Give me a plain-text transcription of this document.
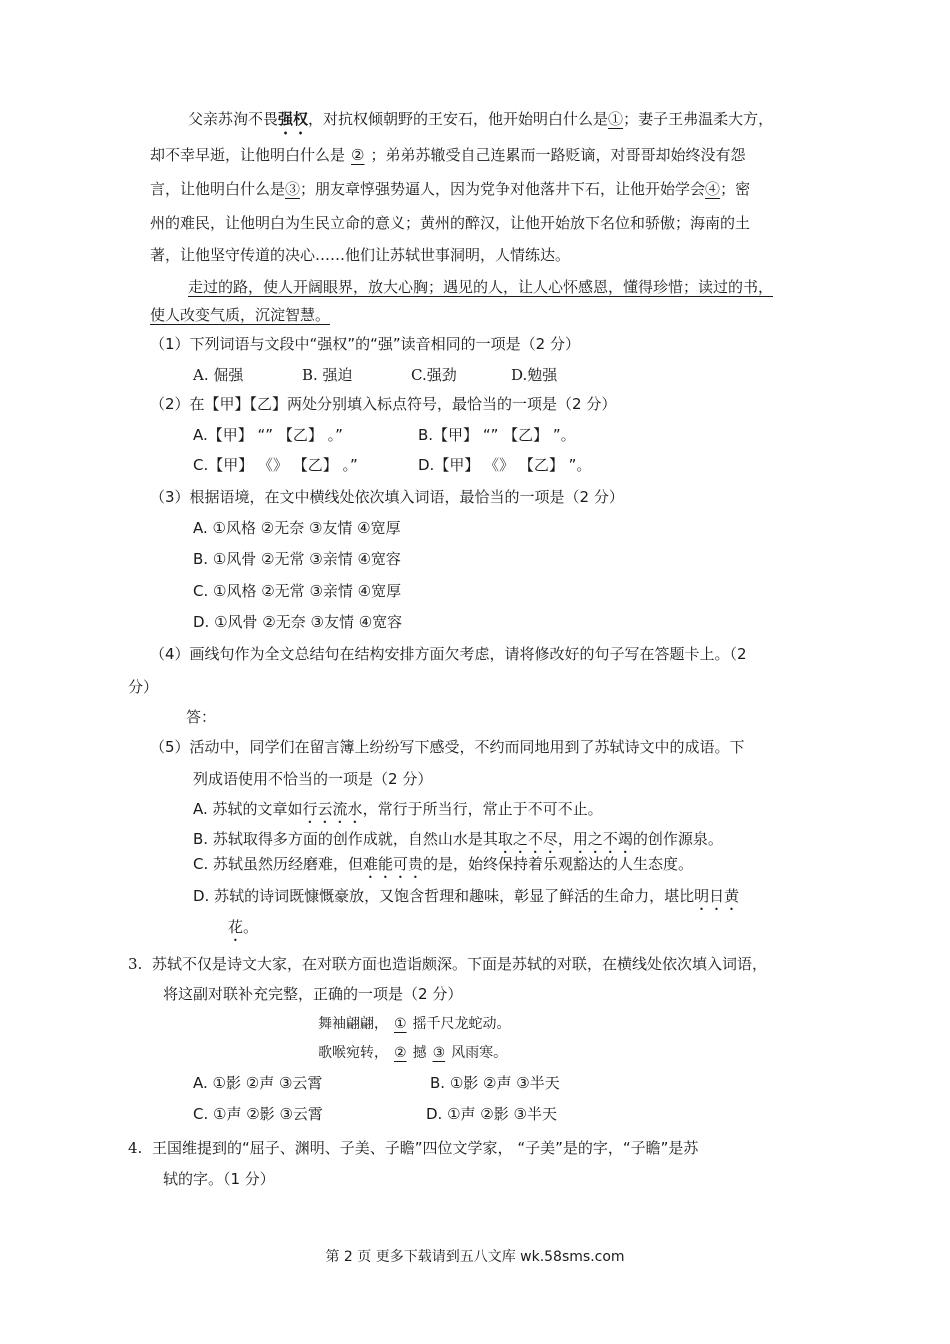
父亲苏洵不畏强权，对抗权倾朝野的王安石，他开始明白什么是①；妻子王弗温柔大方，
却不幸早逝，让他明白什么是 ② ；弟弟苏辙受自己连累而一路贬谪，对哥哥却始终没有怨
言，让他明白什么是③；朋友章惇强势逼人，因为党争对他落井下石，让他开始学会④；密
州的难民，让他明白为生民立命的意义；黄州的醉汉，让他开始放下名位和骄傲；海南的土
著，让他坚守传道的决心……他们让苏轼世事洞明，人情练达。
走过的路，使人开阔眼界，放大心胸；遇见的人，让人心怀感恩，懂得珍惜；读过的书，
使人改变气质，沉淀智慧。
（1）下列词语与文段中“强权”的“强”读音相同的一项是（2 分）
A. 倔强	B. 强迫	C.强劲	D.勉强
（2）在【甲】【乙】两处分别填入标点符号，最恰当的一项是（2 分）
A.【甲】 “” 【乙】 。”	B.【甲】 “” 【乙】 ”。
C.【甲】 《》 【乙】 。”	D.【甲】 《》 【乙】 ”。
（3）根据语境，在文中横线处依次填入词语，最恰当的一项是（2 分）
A. ①风格 ②无奈 ③友情 ④宽厚
B. ①风骨 ②无常 ③亲情 ④宽容
C. ①风格 ②无常 ③亲情 ④宽厚
D. ①风骨 ②无奈 ③友情 ④宽容
（4）画线句作为全文总结句在结构安排方面欠考虑，请将修改好的句子写在答题卡上。（2
分）
答：
（5）活动中，同学们在留言簿上纷纷写下感受，不约而同地用到了苏轼诗文中的成语。下
列成语使用不恰当的一项是（2 分）
A. 苏轼的文章如行云流水，常行于所当行，常止于不可不止。
B. 苏轼取得多方面的创作成就，自然山水是其取之不尽，用之不竭的创作源泉。
C. 苏轼虽然历经磨难，但难能可贵的是，始终保持着乐观豁达的人生态度。
D. 苏轼的诗词既慷慨豪放，又饱含哲理和趣味，彰显了鲜活的生命力，堪比明日黄
花。
3. 苏轼不仅是诗文大家，在对联方面也造诣颇深。下面是苏轼的对联，在横线处依次填入词语，
将这副对联补充完整，正确的一项是（2 分）
舞袖翩翩， ① 摇千尺龙蛇动。
歌喉宛转， ② 撼 ③ 风雨寒。
A. ①影 ②声 ③云霄	B. ①影 ②声 ③半天
C. ①声 ②影 ③云霄	D. ①声 ②影 ③半天
4. 王国维提到的“屈子、渊明、子美、子瞻”四位文学家， “子美”是的字，“子瞻”是苏
轼的字。（1 分）
第 2 页 更多下载请到五八文库 wk.58sms.com
